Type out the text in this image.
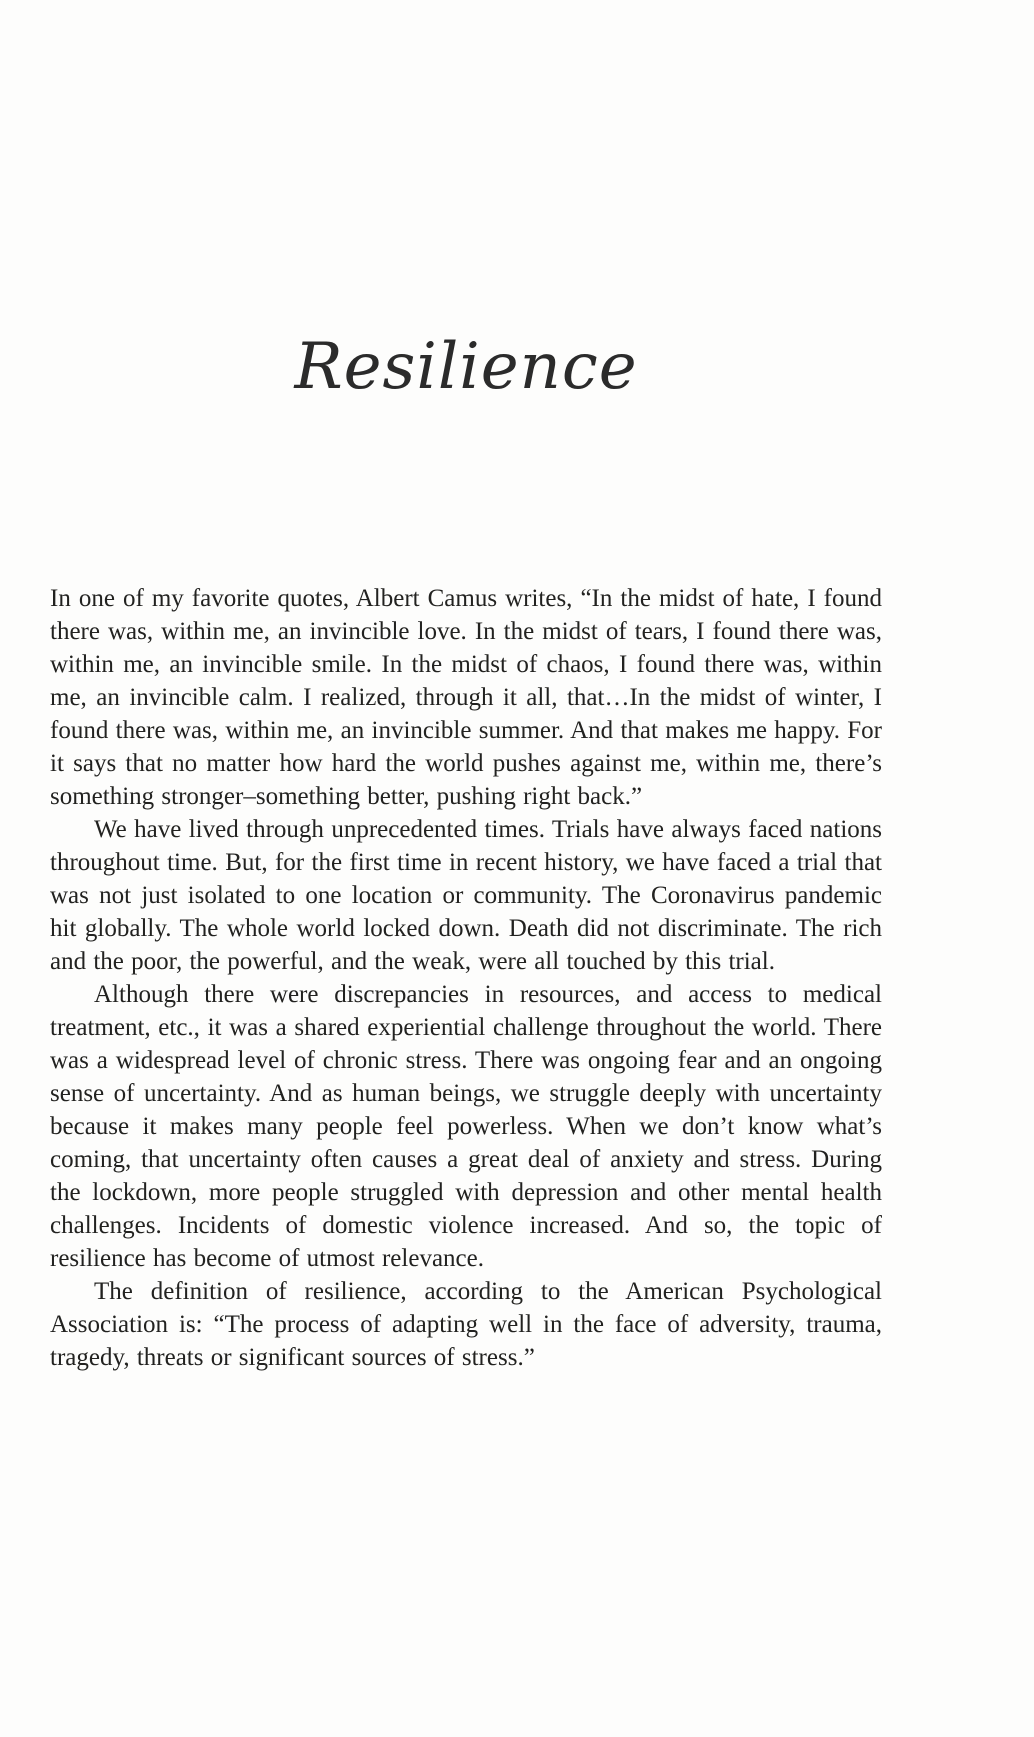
Resilience

In one of my favorite quotes, Albert Camus writes, “In the midst of hate, I found there was, within me, an invincible love. In the midst of tears, I found there was, within me, an invincible smile. In the midst of chaos, I found there was, within me, an invincible calm. I realized, through it all, that…In the midst of winter, I found there was, within me, an invincible summer. And that makes me happy. For it says that no matter how hard the world pushes against me, within me, there’s something stronger–something better, pushing right back.”

We have lived through unprecedented times. Trials have always faced nations throughout time. But, for the first time in recent history, we have faced a trial that was not just isolated to one location or community. The Coronavirus pandemic hit globally. The whole world locked down. Death did not discriminate. The rich and the poor, the powerful, and the weak, were all touched by this trial.

Although there were discrepancies in resources, and access to medical treatment, etc., it was a shared experiential challenge throughout the world. There was a widespread level of chronic stress. There was ongoing fear and an ongoing sense of uncertainty. And as human beings, we struggle deeply with uncertainty because it makes many people feel powerless. When we don’t know what’s coming, that uncertainty often causes a great deal of anxiety and stress. During the lockdown, more people struggled with depression and other mental health challenges. Incidents of domestic violence increased. And so, the topic of resilience has become of utmost relevance.

The definition of resilience, according to the American Psychological Association is: “The process of adapting well in the face of adversity, trauma, tragedy, threats or significant sources of stress.”
